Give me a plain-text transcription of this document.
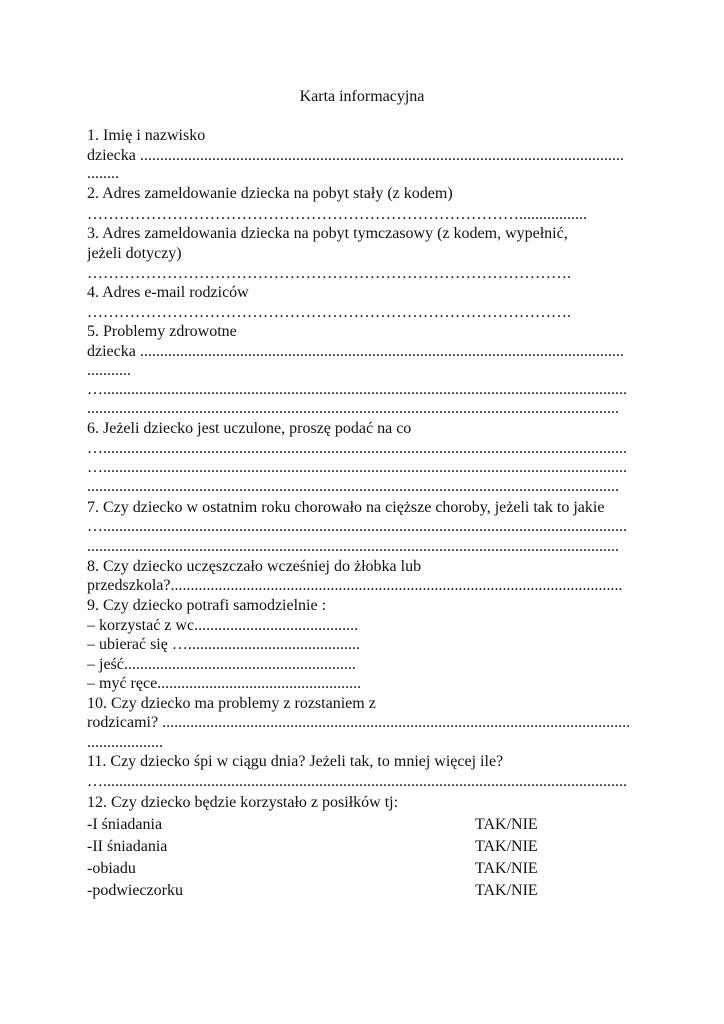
Karta informacyjna
1. Imię i nazwisko
dziecka .........................................................................................................................
........
2. Adres zameldowanie dziecka na pobyt stały (z kodem)
……………………………………………………………………….................
3. Adres zameldowania dziecka na pobyt tymczasowy (z kodem, wypełnić,
jeżeli dotyczy)
……………………………………………………………………………….
4. Adres e-mail rodziców
……………………………………………………………………………….
5. Problemy zdrowotne
dziecka .........................................................................................................................
...........
…...................................................................................................................................
.....................................................................................................................................
6. Jeżeli dziecko jest uczulone, proszę podać na co
…...................................................................................................................................
…...................................................................................................................................
.....................................................................................................................................
7. Czy dziecko w ostatnim roku chorowało na cięższe choroby, jeżeli tak to jakie
…...................................................................................................................................
.....................................................................................................................................
8. Czy dziecko uczęszczało wcześniej do żłobka lub
przedszkola?.................................................................................................................
9. Czy dziecko potrafi samodzielnie :
– korzystać z wc.........................................
– ubierać się …...........................................
– jeść..........................................................
– myć ręce...................................................
10. Czy dziecko ma problemy z rozstaniem z
rodzicami? .....................................................................................................................
...................
11. Czy dziecko śpi w ciągu dnia? Jeżeli tak, to mniej więcej ile?
…...................................................................................................................................
12. Czy dziecko będzie korzystało z posiłków tj:
-I śniadania	TAK/NIE
-II śniadania	TAK/NIE
-obiadu	TAK/NIE
-podwieczorku	TAK/NIE
